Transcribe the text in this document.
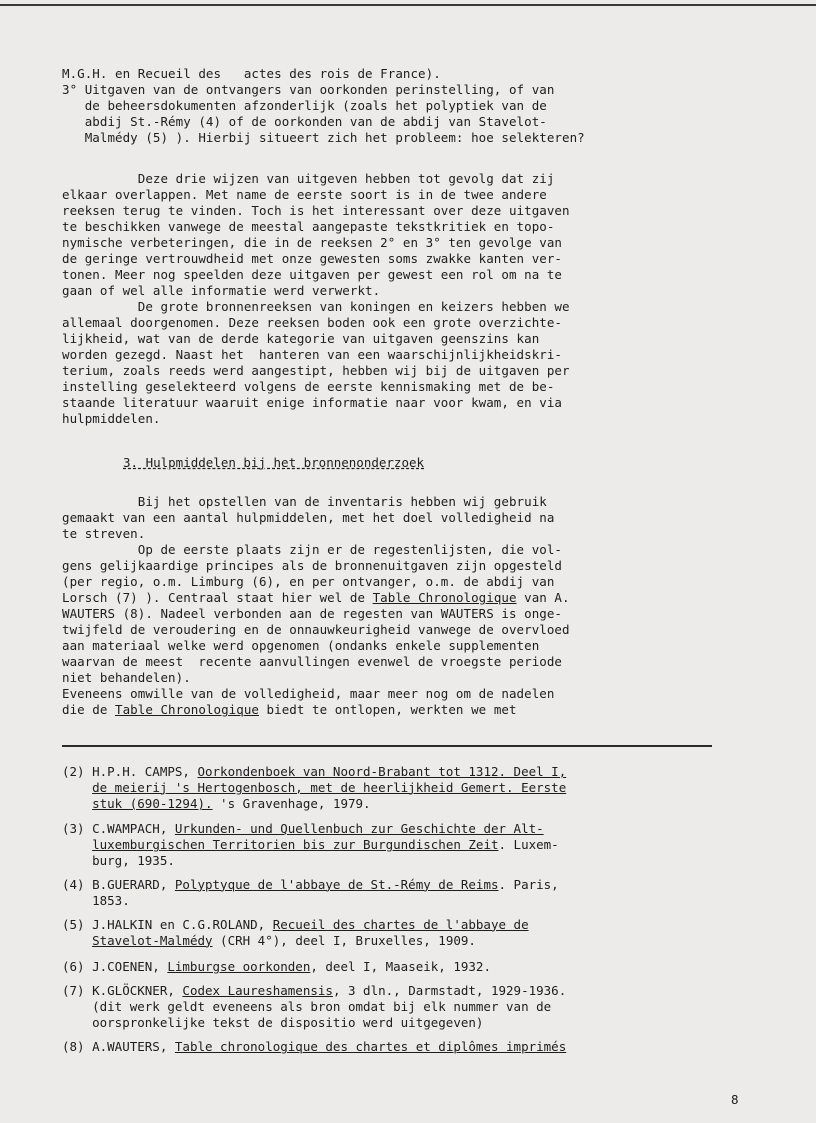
M.G.H. en Recueil des   actes des rois de France).
3° Uitgaven van de ontvangers van oorkonden perinstelling, of van
de beheersdokumenten afzonderlijk (zoals het polyptiek van de
abdij St.-Rémy (4) of de oorkonden van de abdij van Stavelot-
Malmédy (5) ). Hierbij situeert zich het probleem: hoe selekteren?
Deze drie wijzen van uitgeven hebben tot gevolg dat zij
elkaar overlappen. Met name de eerste soort is in de twee andere
reeksen terug te vinden. Toch is het interessant over deze uitgaven
te beschikken vanwege de meestal aangepaste tekstkritiek en topo-
nymische verbeteringen, die in de reeksen 2° en 3° ten gevolge van
de geringe vertrouwdheid met onze gewesten soms zwakke kanten ver-
tonen. Meer nog speelden deze uitgaven per gewest een rol om na te
gaan of wel alle informatie werd verwerkt.
De grote bronnenreeksen van koningen en keizers hebben we
allemaal doorgenomen. Deze reeksen boden ook een grote overzichte-
lijkheid, wat van de derde kategorie van uitgaven geenszins kan
worden gezegd. Naast het  hanteren van een waarschijnlijkheidskri-
terium, zoals reeds werd aangestipt, hebben wij bij de uitgaven per
instelling geselekteerd volgens de eerste kennismaking met de be-
staande literatuur waaruit enige informatie naar voor kwam, en via
hulpmiddelen.
3. Hulpmiddelen bij het bronnenonderzoek
Bij het opstellen van de inventaris hebben wij gebruik
gemaakt van een aantal hulpmiddelen, met het doel volledigheid na
te streven.
Op de eerste plaats zijn er de regestenlijsten, die vol-
gens gelijkaardige principes als de bronnenuitgaven zijn opgesteld
(per regio, o.m. Limburg (6), en per ontvanger, o.m. de abdij van
Lorsch (7) ). Centraal staat hier wel de Table Chronologique van A.
WAUTERS (8). Nadeel verbonden aan de regesten van WAUTERS is onge-
twijfeld de veroudering en de onnauwkeurigheid vanwege de overvloed
aan materiaal welke werd opgenomen (ondanks enkele supplementen
waarvan de meest  recente aanvullingen evenwel de vroegste periode
niet behandelen).
Eveneens omwille van de volledigheid, maar meer nog om de nadelen
die de Table Chronologique biedt te ontlopen, werkten we met
(2) H.P.H. CAMPS, Oorkondenboek van Noord-Brabant tot 1312. Deel I,
de meierij 's Hertogenbosch, met de heerlijkheid Gemert. Eerste
stuk (690-1294). 's Gravenhage, 1979.
(3) C.WAMPACH, Urkunden- und Quellenbuch zur Geschichte der Alt-
luxemburgischen Territorien bis zur Burgundischen Zeit. Luxem-
burg, 1935.
(4) B.GUERARD, Polyptyque de l'abbaye de St.-Rémy de Reims. Paris,
1853.
(5) J.HALKIN en C.G.ROLAND, Recueil des chartes de l'abbaye de
Stavelot-Malmédy (CRH 4°), deel I, Bruxelles, 1909.
(6) J.COENEN, Limburgse oorkonden, deel I, Maaseik, 1932.
(7) K.GLÖCKNER, Codex Laureshamensis, 3 dln., Darmstadt, 1929-1936.
(dit werk geldt eveneens als bron omdat bij elk nummer van de
oorspronkelijke tekst de dispositio werd uitgegeven)
(8) A.WAUTERS, Table chronologique des chartes et diplômes imprimés
8
